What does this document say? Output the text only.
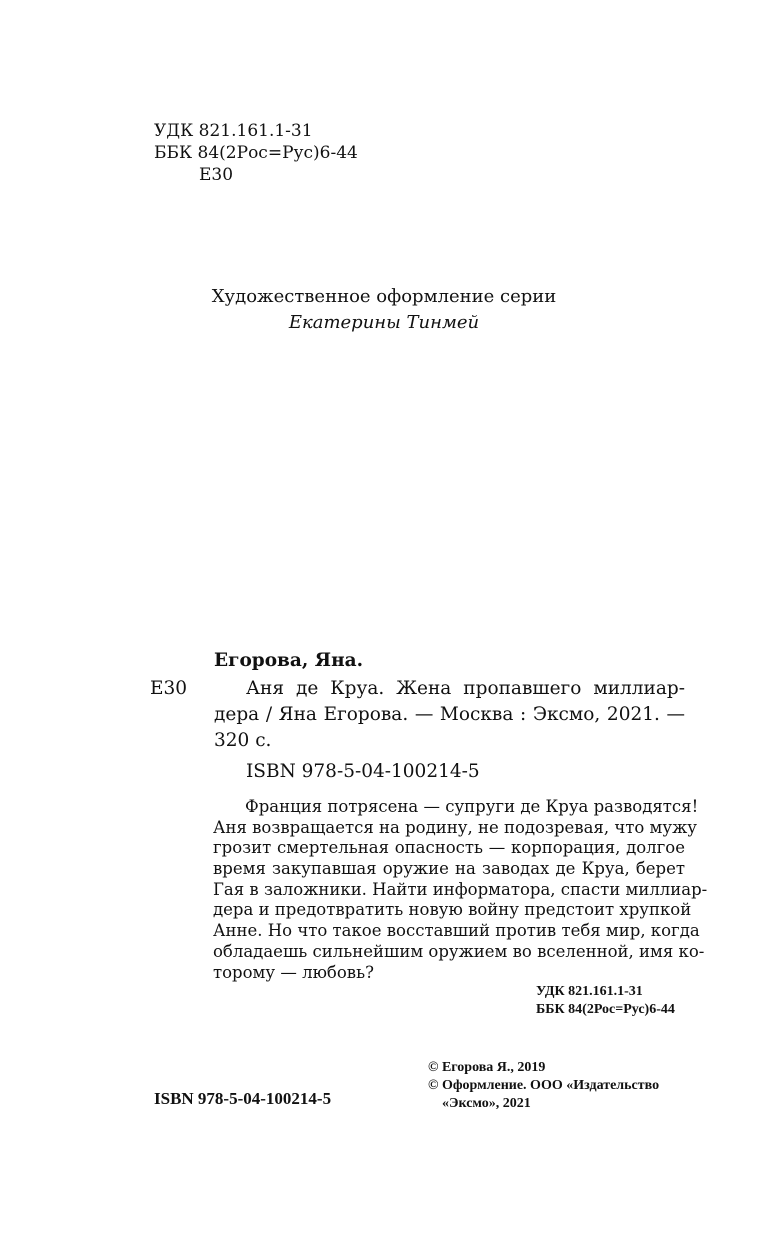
УДК 821.161.1-31
ББК 84(2Рос=Рус)6-44
Е30
Художественное оформление серии
Екатерины Тинмей
Егорова, Яна.
Е30	Аня де Круа. Жена пропавшего миллиар-
дера / Яна Егорова. — Москва : Эксмо, 2021. —
320 с.
ISBN 978-5-04-100214-5
Франция потрясена — супруги де Круа разводятся!
Аня возвращается на родину, не подозревая, что мужу
грозит смертельная опасность — корпорация, долгое
время закупавшая оружие на заводах де Круа, берет
Гая в заложники. Найти информатора, спасти миллиар-
дера и предотвратить новую войну предстоит хрупкой
Анне. Но что такое восставший против тебя мир, когда
обладаешь сильнейшим оружием во вселенной, имя ко-
торому — любовь?
УДК 821.161.1-31
ББК 84(2Рос=Рус)6-44
ISBN 978-5-04-100214-5
© Егорова Я., 2019
© Оформление. ООО «Издательство
«Эксмо», 2021
